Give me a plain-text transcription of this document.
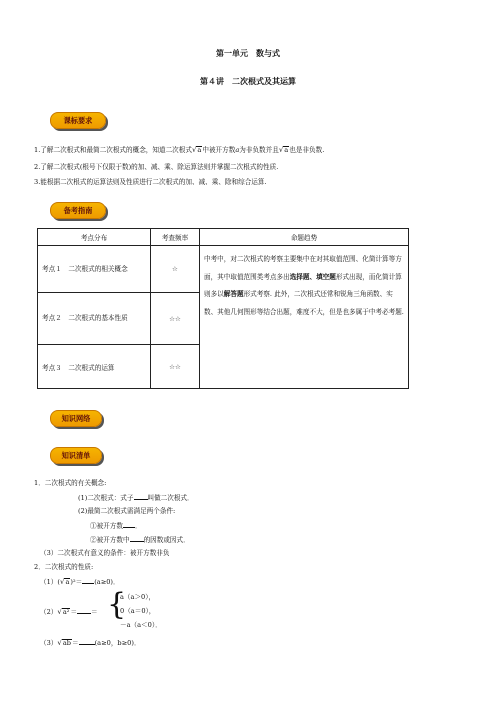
第一单元　数与式
第４讲　二次根式及其运算
课标要求
1.了解二次根式和最简二次根式的概念，知道二次根式√a中被开方数a为非负数并且√a也是非负数.
2.了解二次根式(根号下仅限于数)的加、减、乘、除运算法则并掌握二次根式的性质.
3.能根据二次根式的运算法则及性质进行二次根式的加、减、乘、除和综合运算.
备考指南
考点分布	考查频率	命题趋势
考点１　二次根式的相关概念	☆	中考中，对二次根式的考察主要集中在对其取值范围、化简计算等方面，其中取值范围类考点多出选择题、填空题形式出现，而化简计算则多以解答题形式考察. 此外，二次根式还常和锐角三角函数、实数、其他几何图形等结合出题，难度不大，但是也多属于中考必考题.
考点２　二次根式的基本性质	☆☆	
考点３　二次根式的运算	☆☆	
知识网络
知识清单
1．二次根式的有关概念:
(1)二次根式：式子 叫做二次根式．
(2)最简二次根式需满足两个条件:
①被开方数 ．
②被开方数中 的因数或因式．
（3）二次根式有意义的条件：被开方数非负
2．二次根式的性质:
（1）(√a)²＝ (a≥0)．
（2）√a²＝ ＝ {
a（a＞0），
0（a＝0），
－a（a＜0）．
（3）√ab＝ (a≥0，b≥0)．
